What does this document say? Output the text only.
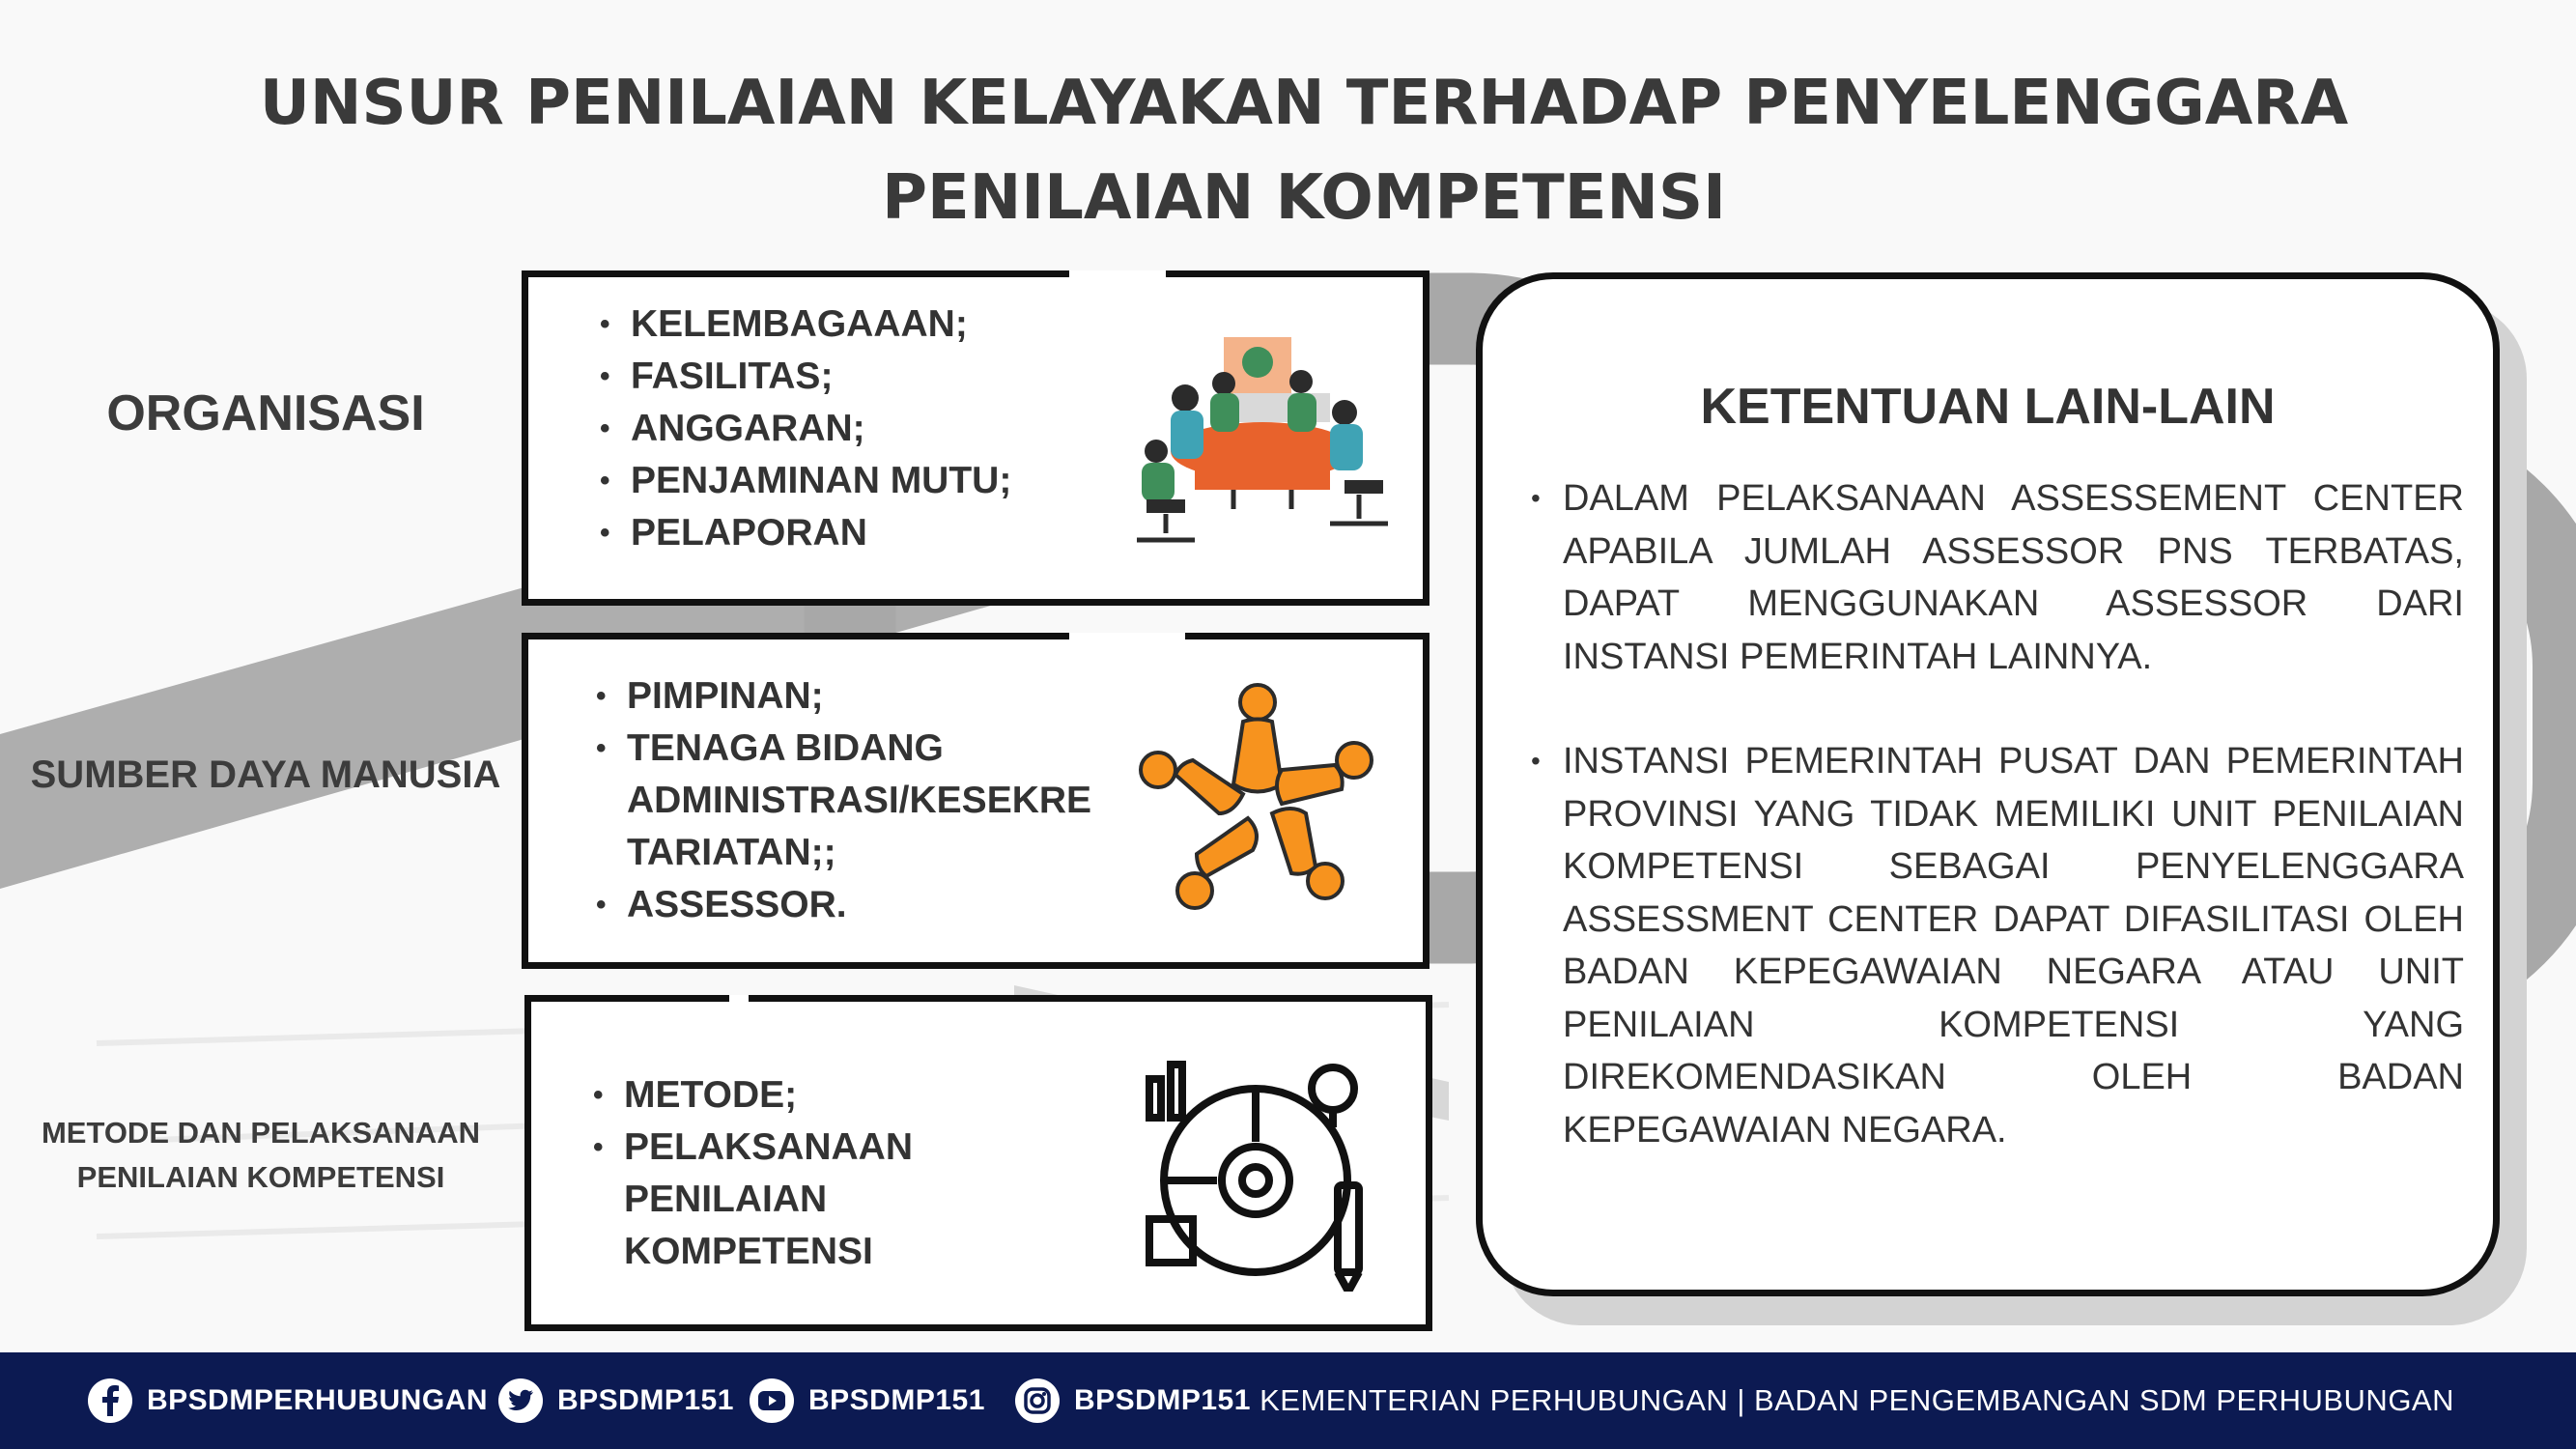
UNSUR PENILAIAN KELAYAKAN TERHADAP PENYELENGGARA PENILAIAN KOMPETENSI
ORGANISASI
SUMBER DAYA MANUSIA
METODE DAN PELAKSANAAN PENILAIAN KOMPETENSI
• KELEMBAGAAAN;
• FASILITAS;
• ANGGARAN;
• PENJAMINAN MUTU;
• PELAPORAN
• PIMPINAN;
• TENAGA BIDANG ADMINISTRASI/KESEKRE TARIATAN;;
• ASSESSOR.
• METODE;
• PELAKSANAAN PENILAIAN KOMPETENSI
KETENTUAN LAIN-LAIN
• DALAM PELAKSANAAN ASSESSEMENT CENTER APABILA JUMLAH ASSESSOR PNS TERBATAS, DAPAT MENGGUNAKAN ASSESSOR DARI INSTANSI PEMERINTAH LAINNYA.
• INSTANSI PEMERINTAH PUSAT DAN PEMERINTAH PROVINSI YANG TIDAK MEMILIKI UNIT PENILAIAN KOMPETENSI SEBAGAI PENYELENGGARA ASSESSMENT CENTER DAPAT DIFASILITASI OLEH BADAN KEPEGAWAIAN NEGARA ATAU UNIT PENILAIAN KOMPETENSI YANG DIREKOMENDASIKAN OLEH BADAN KEPEGAWAIAN NEGARA.
BPSDMPERHUBUNGAN BPSDMP151	BPSDMP151	BPSDMP151 KEMENTERIAN PERHUBUNGAN | BADAN PENGEMBANGAN SDM PERHUBUNGAN
